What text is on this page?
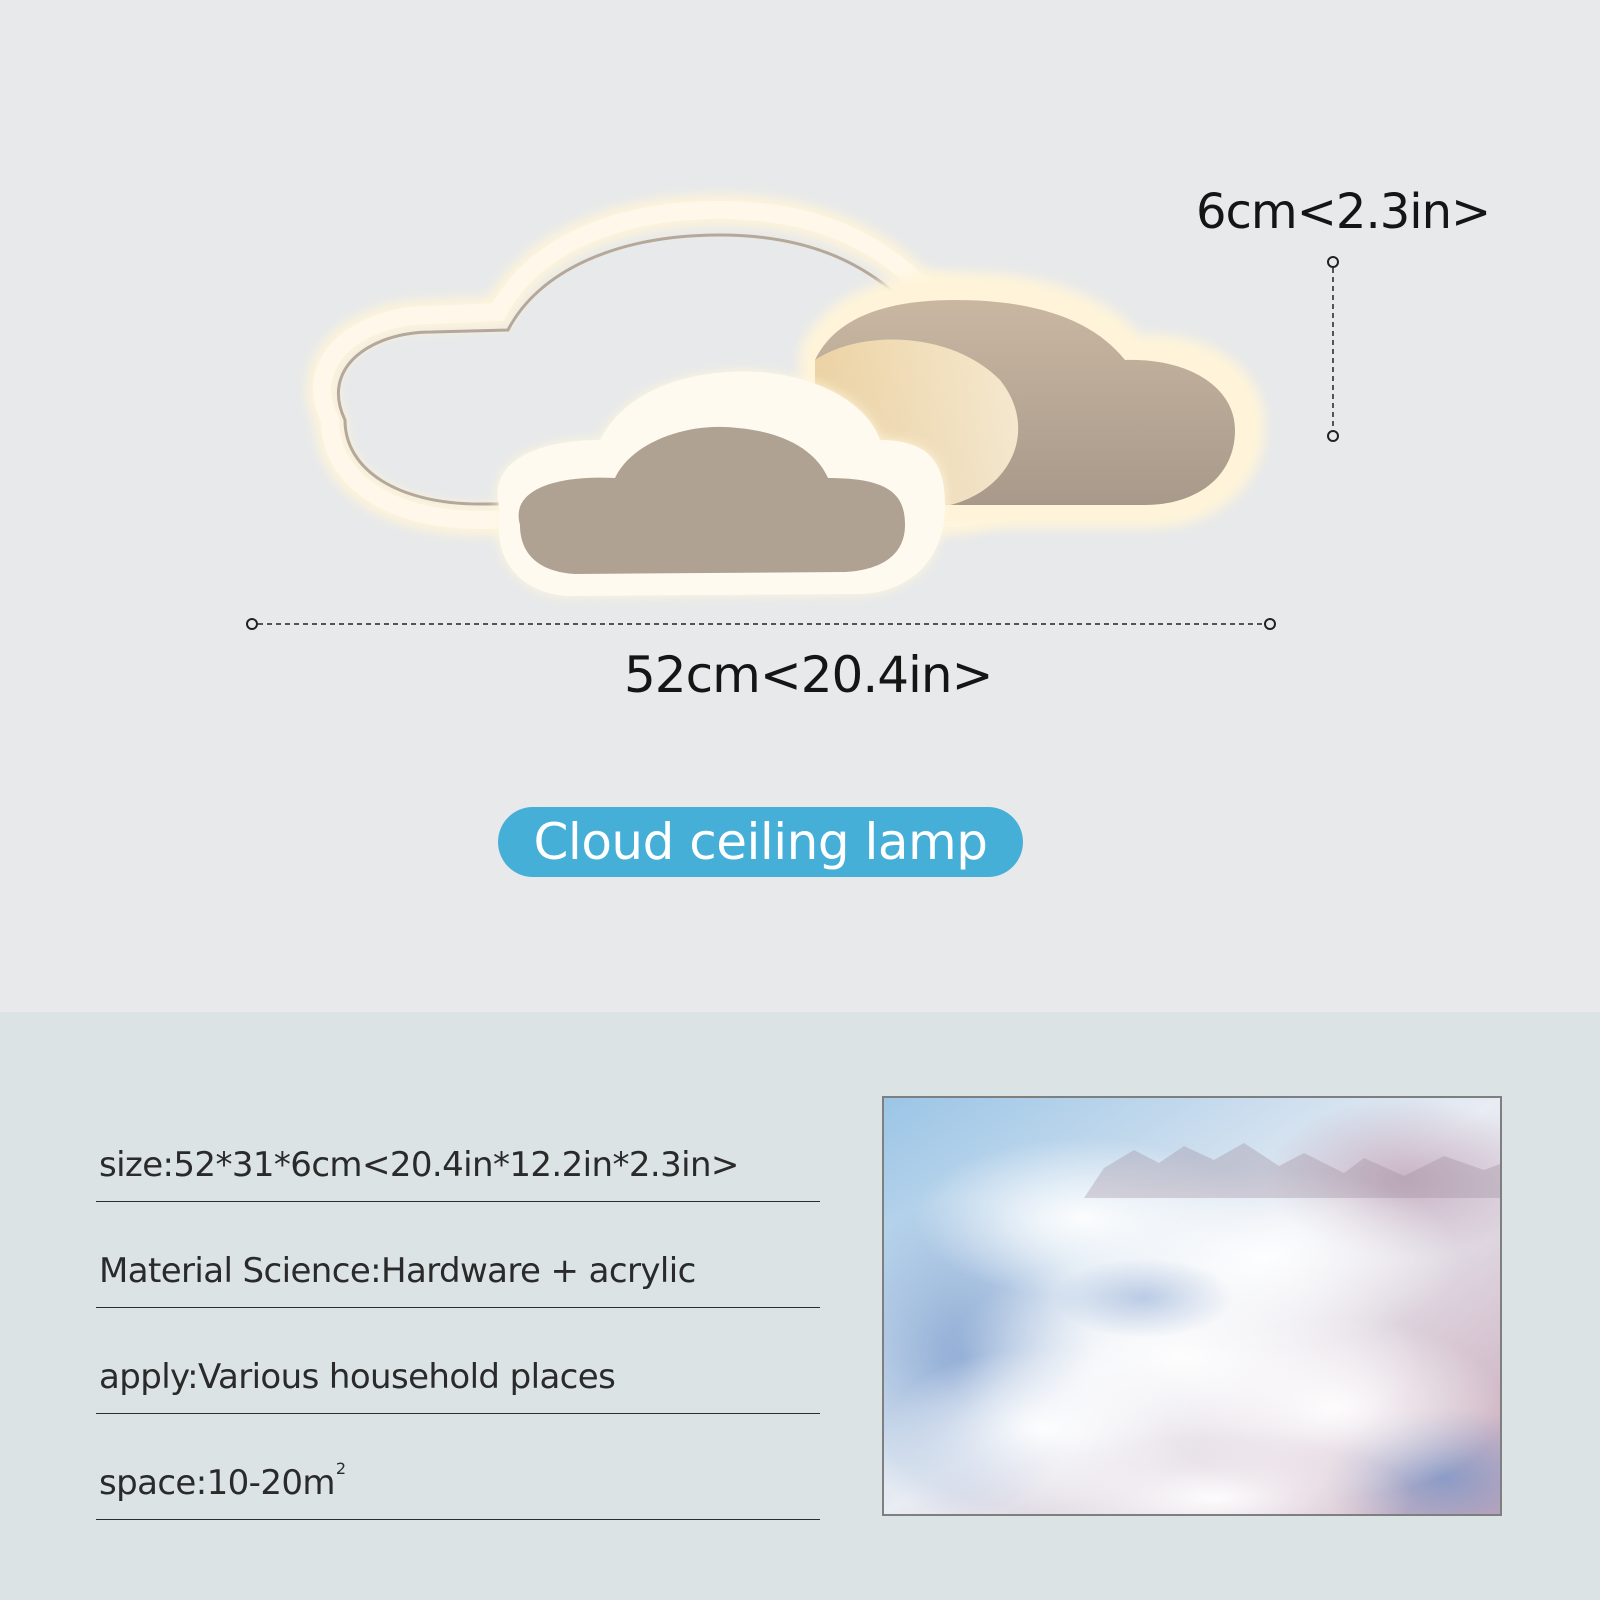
6cm<2.3in>
52cm<20.4in>
Cloud ceiling lamp
size:52*31*6cm<20.4in*12.2in*2.3in>
Material Science:Hardware + acrylic
apply:Various household places
$space:10-20m^2$
